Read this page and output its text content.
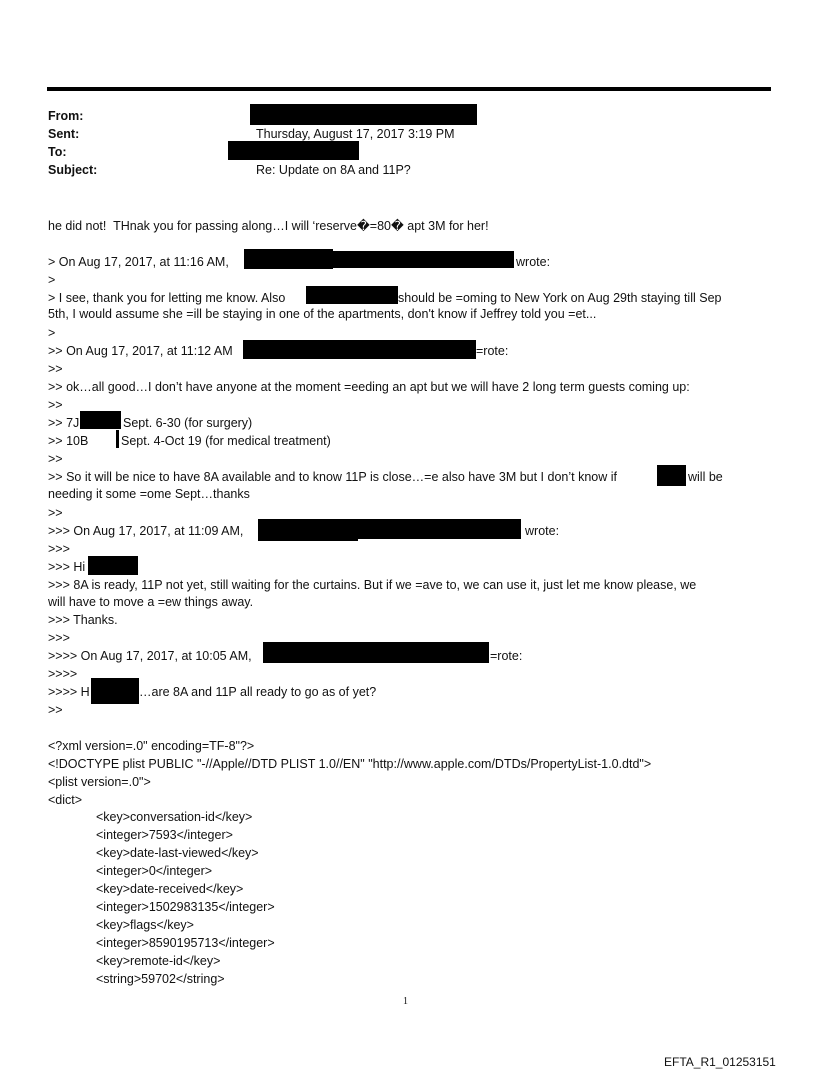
From:
Sent:	Thursday, August 17, 2017 3:19 PM
To:
Subject:	Re: Update on 8A and 11P?
he did not!  THnak you for passing along…I will ‘reserve�=80� apt 3M for her!
> On Aug 17, 2017, at 11:16 AM,	wrote:
>
> I see, thank you for letting me know. Also	should be =oming to New York on Aug 29th staying till Sep
5th, I would assume she =ill be staying in one of the apartments, don't know if Jeffrey told you =et...
>
>> On Aug 17, 2017, at 11:12 AM	=rote:
>>
>> ok…all good…I don’t have anyone at the moment =eeding an apt but we will have 2 long term guests coming up:
>>
>> 7J	Sept. 6-30 (for surgery)
>> 10B	Sept. 4-Oct 19 (for medical treatment)
>>
>> So it will be nice to have 8A available and to know 11P is close…=e also have 3M but I don’t know if	will be
needing it some =ome Sept…thanks
>>
>>> On Aug 17, 2017, at 11:09 AM,	wrote:
>>>
>>> Hi
>>> 8A is ready, 11P not yet, still waiting for the curtains. But if we =ave to, we can use it, just let me know please, we
will have to move a =ew things away.
>>> Thanks.
>>>
>>>> On Aug 17, 2017, at 10:05 AM,	=rote:
>>>>
>>>> H	…are 8A and 11P all ready to go as of yet?
>>
<?xml version=.0" encoding=TF-8"?>
<!DOCTYPE plist PUBLIC "-//Apple//DTD PLIST 1.0//EN" "http://www.apple.com/DTDs/PropertyList-1.0.dtd">
<plist version=.0">
<dict>
<key>conversation-id</key>
<integer>7593</integer>
<key>date-last-viewed</key>
<integer>0</integer>
<key>date-received</key>
<integer>1502983135</integer>
<key>flags</key>
<integer>8590195713</integer>
<key>remote-id</key>
<string>59702</string>
1
EFTA_R1_01253151
